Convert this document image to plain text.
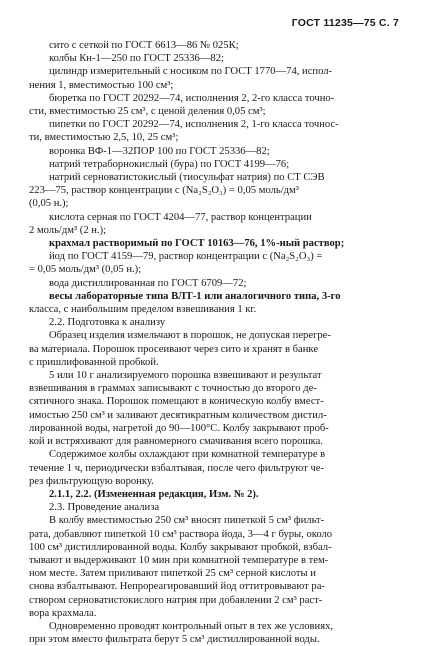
ГОСТ 11235—75 С. 7
сито с сеткой по ГОСТ 6613—86 № 025К;
колбы Кн-1—250 по ГОСТ 25336—82;
цилиндр измерительный с носиком по ГОСТ 1770—74, испол-
нения 1, вместимостью 100 см³;
бюретка по ГОСТ 20292—74, исполнения 2, 2-го класса точно-
сти, вместимостью 25 см³, с ценой деления 0,05 см³;
пипетки по ГОСТ 20292—74, исполнения 2, 1-го класса точнос-
ти, вместимостью 2,5, 10, 25 см³;
воронка ВФ-1—32ПОР 100 по ГОСТ 25336—82;
натрий тетраборнокислый (бура) по ГОСТ 4199—76;
натрий серноватистокислый (тиосульфат натрия) по СТ СЭВ
223—75, раствор концентрации c (Na₂S₂O₃) = 0,05 моль/дм³
(0,05 н.);
кислота серная по ГОСТ 4204—77, раствор концентрации
2 моль/дм³ (2 н.);
крахмал растворимый по ГОСТ 10163—76, 1%-ный раствор;
йод по ГОСТ 4159—79, раствор концентрации c (Na₂S₂O₃) =
= 0,05 моль/дм³ (0,05 н.);
вода дистиллированная по ГОСТ 6709—72;
весы лабораторные типа ВЛТ-1 или аналогичного типа, 3-го
класса, с наибольшим пределом взвешивания 1 кг.
2.2. Подготовка к анализу
Образец изделия измельчают в порошок, не допуская перегре-
ва материала. Порошок просеивают через сито и хранят в банке
с пришлифованной пробкой.
5 или 10 г анализируемого порошка взвешивают и результат
взвешивания в граммах записывают с точностью до второго де-
сятичного знака. Порошок помещают в коническую колбу вмест-
имостью 250 см³ и заливают десятикратным количеством дистил-
лированной воды, нагретой до 90—100°С. Колбу закрывают проб-
кой и встряхивают для равномерного смачивания всего порошка.
Содержимое колбы охлаждают при комнатной температуре в
течение 1 ч, периодически взбалтывая, после чего фильтруют че-
рез фильтрующую воронку.
2.1.1, 2.2. (Измененная редакция, Изм. № 2).
2.3. Проведение анализа
В колбу вместимостью 250 см³ вносят пипеткой 5 см³ фильт-
рата, добавляют пипеткой 10 см³ раствора йода, 3—4 г буры, около
100 см³ дистиллированной воды. Колбу закрывают пробкой, взбал-
тывают и выдерживают 10 мин при комнатной температуре в тем-
ном месте. Затем приливают пипеткой 25 см³ серной кислоты и
снова взбалтывают. Непрореагировавший йод оттитровывают ра-
створом серноватистокислого натрия при добавлении 2 см³ раст-
вора крахмала.
Одновременно проводят контрольный опыт в тех же условиях,
при этом вместо фильтрата берут 5 см³ дистиллированной воды.
